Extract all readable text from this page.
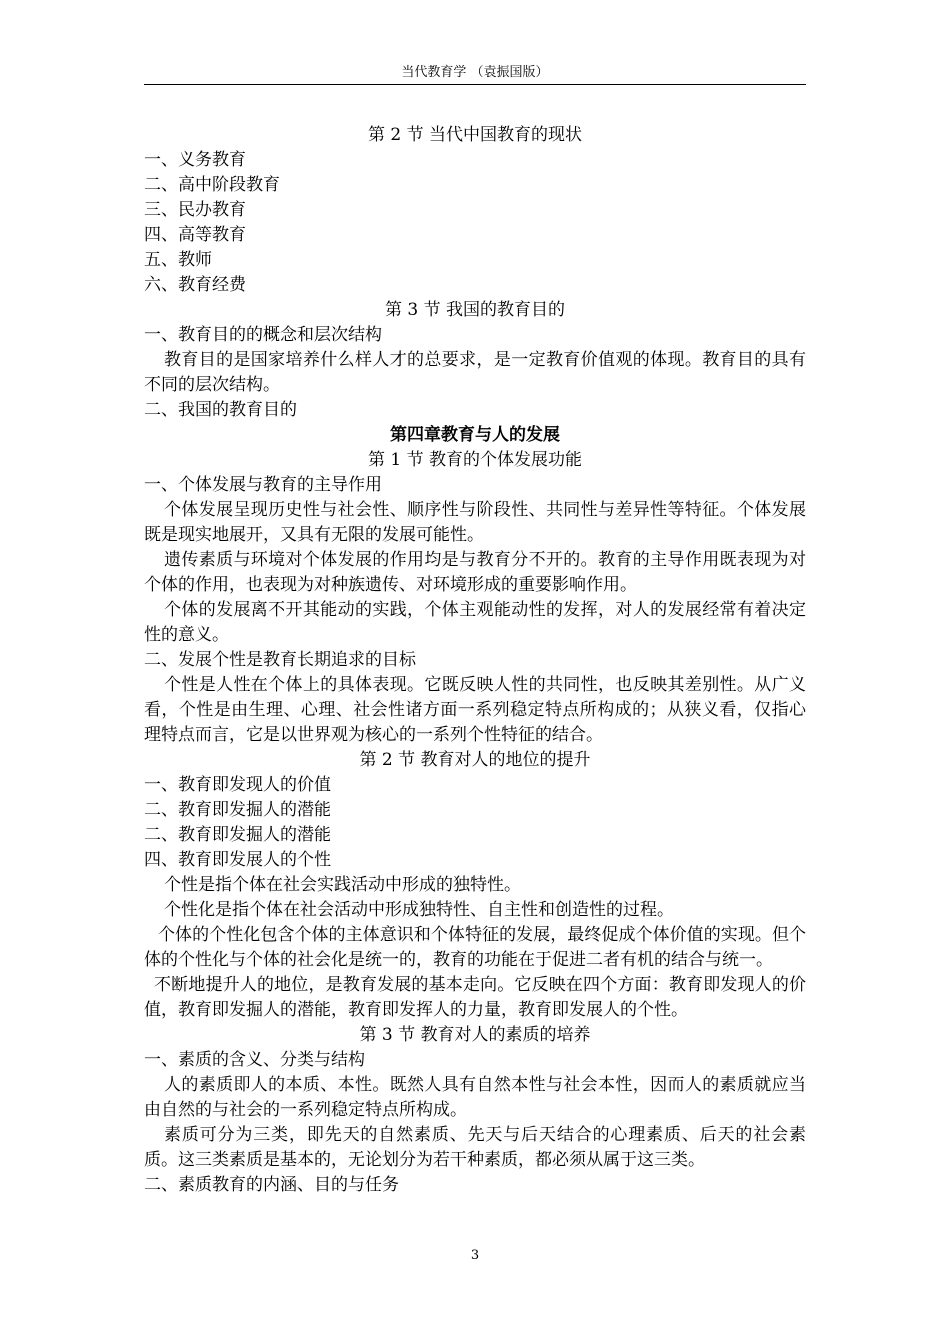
当代教育学 （袁振国版）
第 2 节 当代中国教育的现状
一、义务教育
二、高中阶段教育
三、民办教育
四、高等教育
五、教师
六、教育经费
第 3 节 我国的教育目的
一、教育目的的概念和层次结构
教育目的是国家培养什么样人才的总要求，是一定教育价值观的体现。教育目的具有不同的层次结构。
二、我国的教育目的
第四章教育与人的发展
第 1 节 教育的个体发展功能
一、个体发展与教育的主导作用
个体发展呈现历史性与社会性、顺序性与阶段性、共同性与差异性等特征。个体发展既是现实地展开，又具有无限的发展可能性。
遗传素质与环境对个体发展的作用均是与教育分不开的。教育的主导作用既表现为对个体的作用，也表现为对种族遗传、对环境形成的重要影响作用。
个体的发展离不开其能动的实践，个体主观能动性的发挥，对人的发展经常有着决定性的意义。
二、发展个性是教育长期追求的目标
个性是人性在个体上的具体表现。它既反映人性的共同性，也反映其差别性。从广义看，个性是由生理、心理、社会性诸方面一系列稳定特点所构成的；从狭义看，仅指心理特点而言，它是以世界观为核心的一系列个性特征的结合。
第 2 节 教育对人的地位的提升
一、教育即发现人的价值
二、教育即发掘人的潜能
二、教育即发掘人的潜能
四、教育即发展人的个性
个性是指个体在社会实践活动中形成的独特性。
个性化是指个体在社会活动中形成独特性、自主性和创造性的过程。
个体的个性化包含个体的主体意识和个体特征的发展，最终促成个体价值的实现。但个体的个性化与个体的社会化是统一的，教育的功能在于促进二者有机的结合与统一。
不断地提升人的地位，是教育发展的基本走向。它反映在四个方面：教育即发现人的价值，教育即发掘人的潜能，教育即发挥人的力量，教育即发展人的个性。
第 3 节 教育对人的素质的培养
一、素质的含义、分类与结构
人的素质即人的本质、本性。既然人具有自然本性与社会本性，因而人的素质就应当由自然的与社会的一系列稳定特点所构成。
素质可分为三类，即先天的自然素质、先天与后天结合的心理素质、后天的社会素质。这三类素质是基本的，无论划分为若干种素质，都必须从属于这三类。
二、素质教育的内涵、目的与任务
3
